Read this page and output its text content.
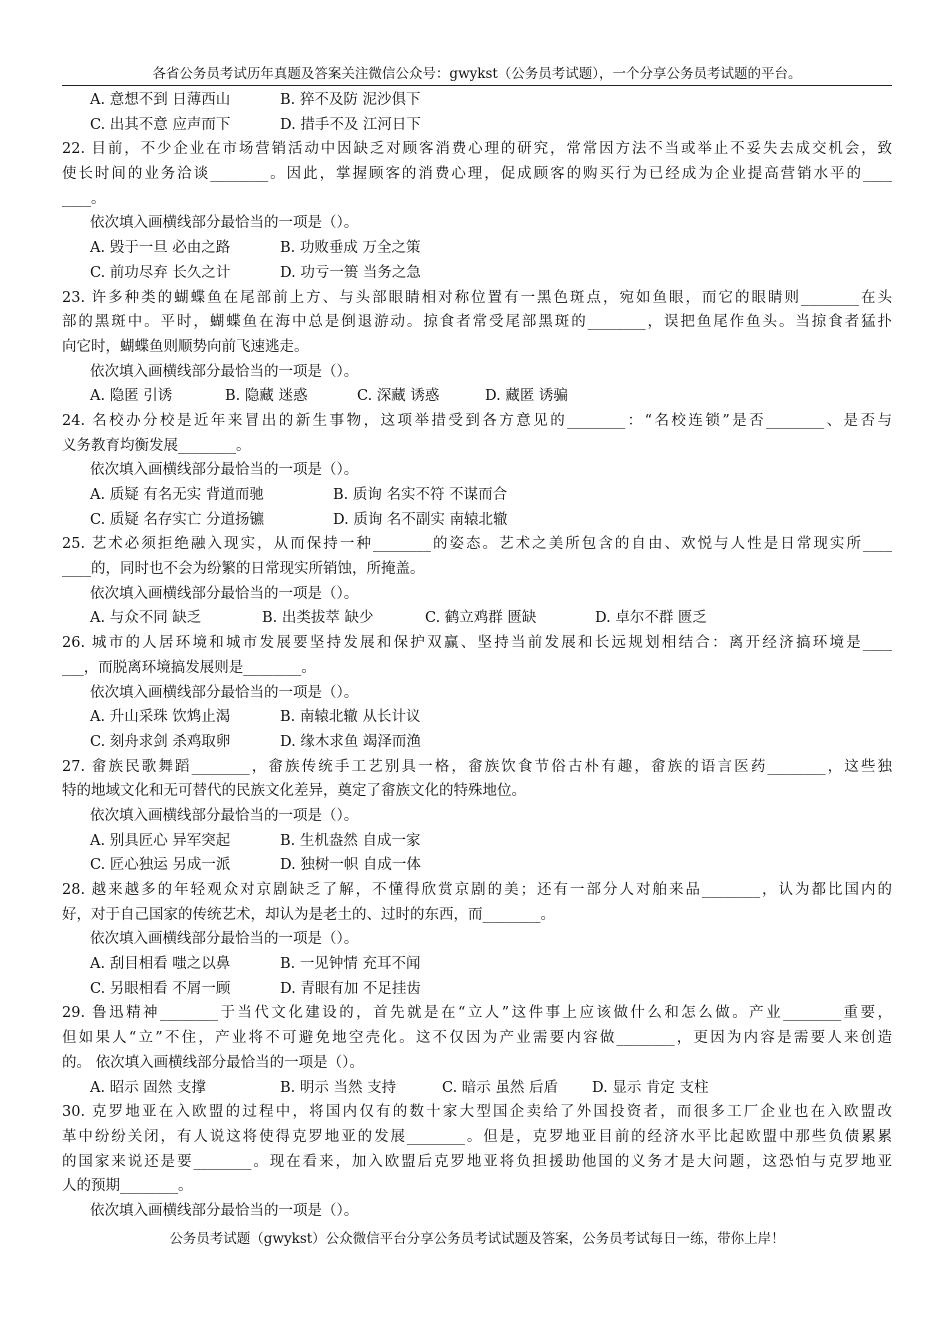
各省公务员考试历年真题及答案关注微信公众号：gwykst（公务员考试题），一个分享公务员考试题的平台。
A. 意想不到 日薄西山	B. 猝不及防 泥沙俱下
C. 出其不意 应声而下	D. 措手不及 江河日下
22. 目前，不少企业在市场营销活动中因缺乏对顾客消费心理的研究，常常因方法不当或举止不妥失去成交机会，致
使长时间的业务洽谈________。因此，掌握顾客的消费心理，促成顾客的购买行为已经成为企业提高营销水平的____
____。
依次填入画横线部分最恰当的一项是（）。
A. 毁于一旦 必由之路	B. 功败垂成 万全之策
C. 前功尽弃 长久之计	D. 功亏一篑 当务之急
23. 许多种类的蝴蝶鱼在尾部前上方、与头部眼睛相对称位置有一黑色斑点，宛如鱼眼，而它的眼睛则________在头
部的黑斑中。平时，蝴蝶鱼在海中总是倒退游动。掠食者常受尾部黑斑的________，误把鱼尾作鱼头。当掠食者猛扑
向它时，蝴蝶鱼则顺势向前飞速逃走。
依次填入画横线部分最恰当的一项是（）。
A. 隐匿 引诱	B. 隐藏 迷惑	C. 深藏 诱惑	D. 藏匿 诱骗
24. 名校办分校是近年来冒出的新生事物，这项举措受到各方意见的________：“名校连锁”是否________、是否与
义务教育均衡发展________。
依次填入画横线部分最恰当的一项是（）。
A. 质疑 有名无实 背道而驰	B. 质询 名实不符 不谋而合
C. 质疑 名存实亡 分道扬镳	D. 质询 名不副实 南辕北辙
25. 艺术必须拒绝融入现实，从而保持一种________的姿态。艺术之美所包含的自由、欢悦与人性是日常现实所____
____的，同时也不会为纷繁的日常现实所销蚀，所掩盖。
依次填入画横线部分最恰当的一项是（）。
A. 与众不同 缺乏	B. 出类拔萃 缺少	C. 鹤立鸡群 匮缺	D. 卓尔不群 匮乏
26. 城市的人居环境和城市发展要坚持发展和保护双赢、坚持当前发展和长远规划相结合：离开经济搞环境是____
___，而脱离环境搞发展则是________。
依次填入画横线部分最恰当的一项是（）。
A. 升山采珠 饮鸩止渴	B. 南辕北辙 从长计议
C. 刻舟求剑 杀鸡取卵	D. 缘木求鱼 竭泽而渔
27. 畲族民歌舞蹈________，畲族传统手工艺别具一格，畲族饮食节俗古朴有趣，畲族的语言医药________，这些独
特的地域文化和无可替代的民族文化差异，奠定了畲族文化的特殊地位。
依次填入画横线部分最恰当的一项是（）。
A. 别具匠心 异军突起	B. 生机盎然 自成一家
C. 匠心独运 另成一派	D. 独树一帜 自成一体
28. 越来越多的年轻观众对京剧缺乏了解，不懂得欣赏京剧的美；还有一部分人对舶来品________，认为都比国内的
好，对于自己国家的传统艺术，却认为是老土的、过时的东西，而________。
依次填入画横线部分最恰当的一项是（）。
A. 刮目相看 嗤之以鼻	B. 一见钟情 充耳不闻
C. 另眼相看 不屑一顾	D. 青眼有加 不足挂齿
29. 鲁迅精神________于当代文化建设的，首先就是在“立人”这件事上应该做什么和怎么做。产业________重要，
但如果人“立”不住，产业将不可避免地空壳化。这不仅因为产业需要内容做________，更因为内容是需要人来创造
的。 依次填入画横线部分最恰当的一项是（）。
A. 昭示 固然 支撑	B. 明示 当然 支持	C. 暗示 虽然 后盾 D. 显示 肯定 支柱
30. 克罗地亚在入欧盟的过程中，将国内仅有的数十家大型国企卖给了外国投资者，而很多工厂企业也在入欧盟改
革中纷纷关闭，有人说这将使得克罗地亚的发展________。但是，克罗地亚目前的经济水平比起欧盟中那些负债累累
的国家来说还是要________。现在看来，加入欧盟后克罗地亚将负担援助他国的义务才是大问题，这恐怕与克罗地亚
人的预期________。
依次填入画横线部分最恰当的一项是（）。
公务员考试题（gwykst）公众微信平台分享公务员考试试题及答案，公务员考试每日一练，带你上岸！
